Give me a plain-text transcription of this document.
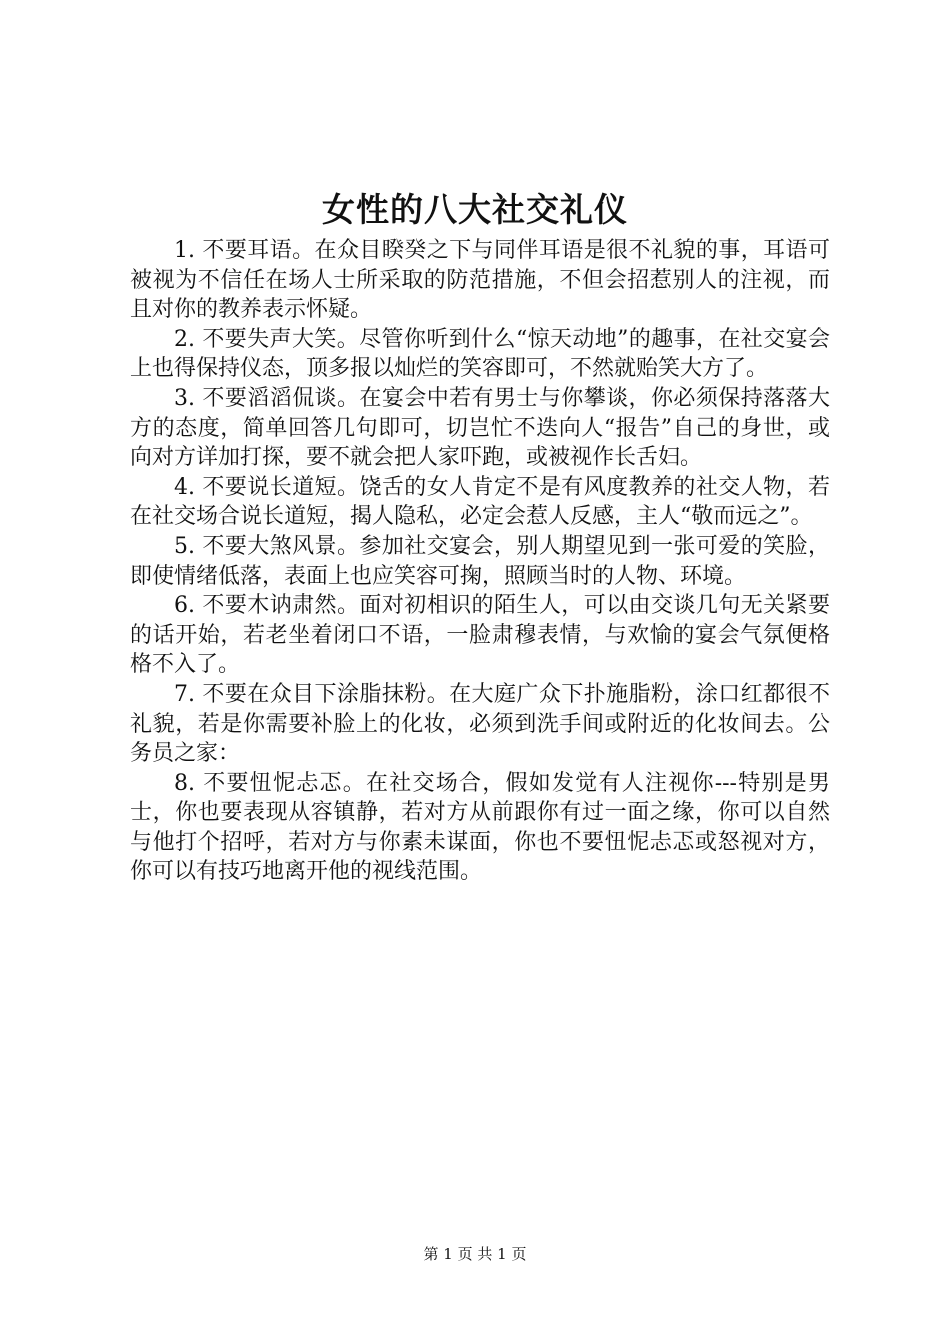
女性的八大社交礼仪

1. 不要耳语。在众目睽癸之下与同伴耳语是很不礼貌的事，耳语可被视为不信任在场人士所采取的防范措施，不但会招惹别人的注视，而且对你的教养表示怀疑。

2. 不要失声大笑。尽管你听到什么“惊天动地”的趣事，在社交宴会上也得保持仪态，顶多报以灿烂的笑容即可，不然就贻笑大方了。

3. 不要滔滔侃谈。在宴会中若有男士与你攀谈，你必须保持落落大方的态度，简单回答几句即可，切岂忙不迭向人“报告”自己的身世，或向对方详加打探，要不就会把人家吓跑，或被视作长舌妇。

4. 不要说长道短。饶舌的女人肯定不是有风度教养的社交人物，若在社交场合说长道短，揭人隐私，必定会惹人反感，主人“敬而远之”。

5. 不要大煞风景。参加社交宴会，别人期望见到一张可爱的笑脸，即使情绪低落，表面上也应笑容可掬，照顾当时的人物、环境。

6. 不要木讷肃然。面对初相识的陌生人，可以由交谈几句无关紧要的话开始，若老坐着闭口不语，一脸肃穆表情，与欢愉的宴会气氛便格格不入了。

7. 不要在众目下涂脂抹粉。在大庭广众下扑施脂粉，涂口红都很不礼貌，若是你需要补脸上的化妆，必须到洗手间或附近的化妆间去。公务员之家：

8. 不要忸怩忐忑。在社交场合，假如发觉有人注视你---特别是男士，你也要表现从容镇静，若对方从前跟你有过一面之缘，你可以自然与他打个招呼，若对方与你素未谋面，你也不要忸怩忐忑或怒视对方，你可以有技巧地离开他的视线范围。

第 1 页 共 1 页
